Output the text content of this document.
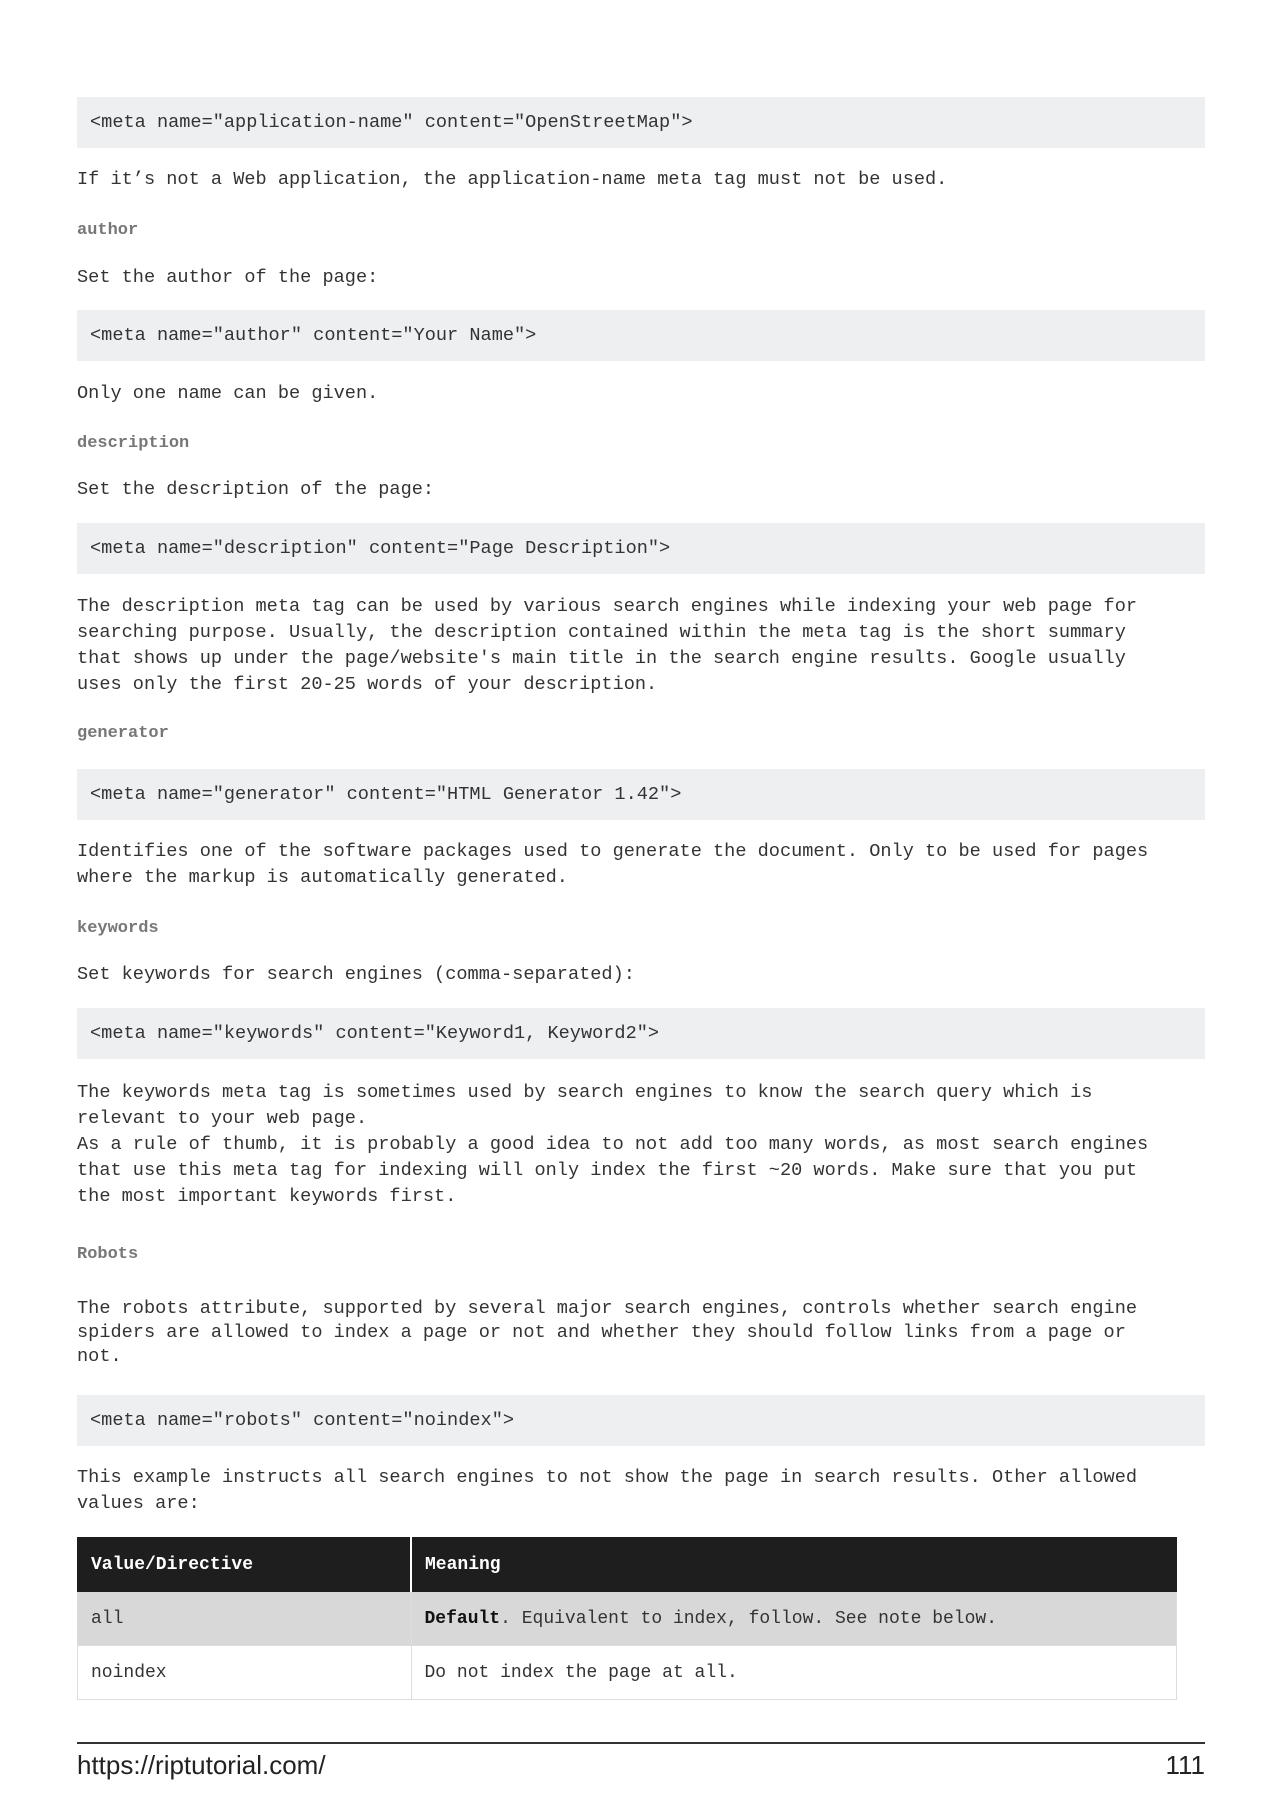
<meta name="application-name" content="OpenStreetMap">
If it’s not a Web application, the application-name meta tag must not be used.
author
Set the author of the page:
<meta name="author" content="Your Name">
Only one name can be given.
description
Set the description of the page:
<meta name="description" content="Page Description">
The description meta tag can be used by various search engines while indexing your web page for
searching purpose. Usually, the description contained within the meta tag is the short summary
that shows up under the page/website's main title in the search engine results. Google usually
uses only the first 20-25 words of your description.
generator
<meta name="generator" content="HTML Generator 1.42">
Identifies one of the software packages used to generate the document. Only to be used for pages
where the markup is automatically generated.
keywords
Set keywords for search engines (comma-separated):
<meta name="keywords" content="Keyword1, Keyword2">
The keywords meta tag is sometimes used by search engines to know the search query which is
relevant to your web page.
As a rule of thumb, it is probably a good idea to not add too many words, as most search engines
that use this meta tag for indexing will only index the first ~20 words. Make sure that you put
the most important keywords first.
Robots
The robots attribute, supported by several major search engines, controls whether search engine
spiders are allowed to index a page or not and whether they should follow links from a page or
not.
<meta name="robots" content="noindex">
This example instructs all search engines to not show the page in search results. Other allowed
values are:
Value/Directive	Meaning
all	Default. Equivalent to index, follow. See note below.
noindex	Do not index the page at all.
https://riptutorial.com/	111
